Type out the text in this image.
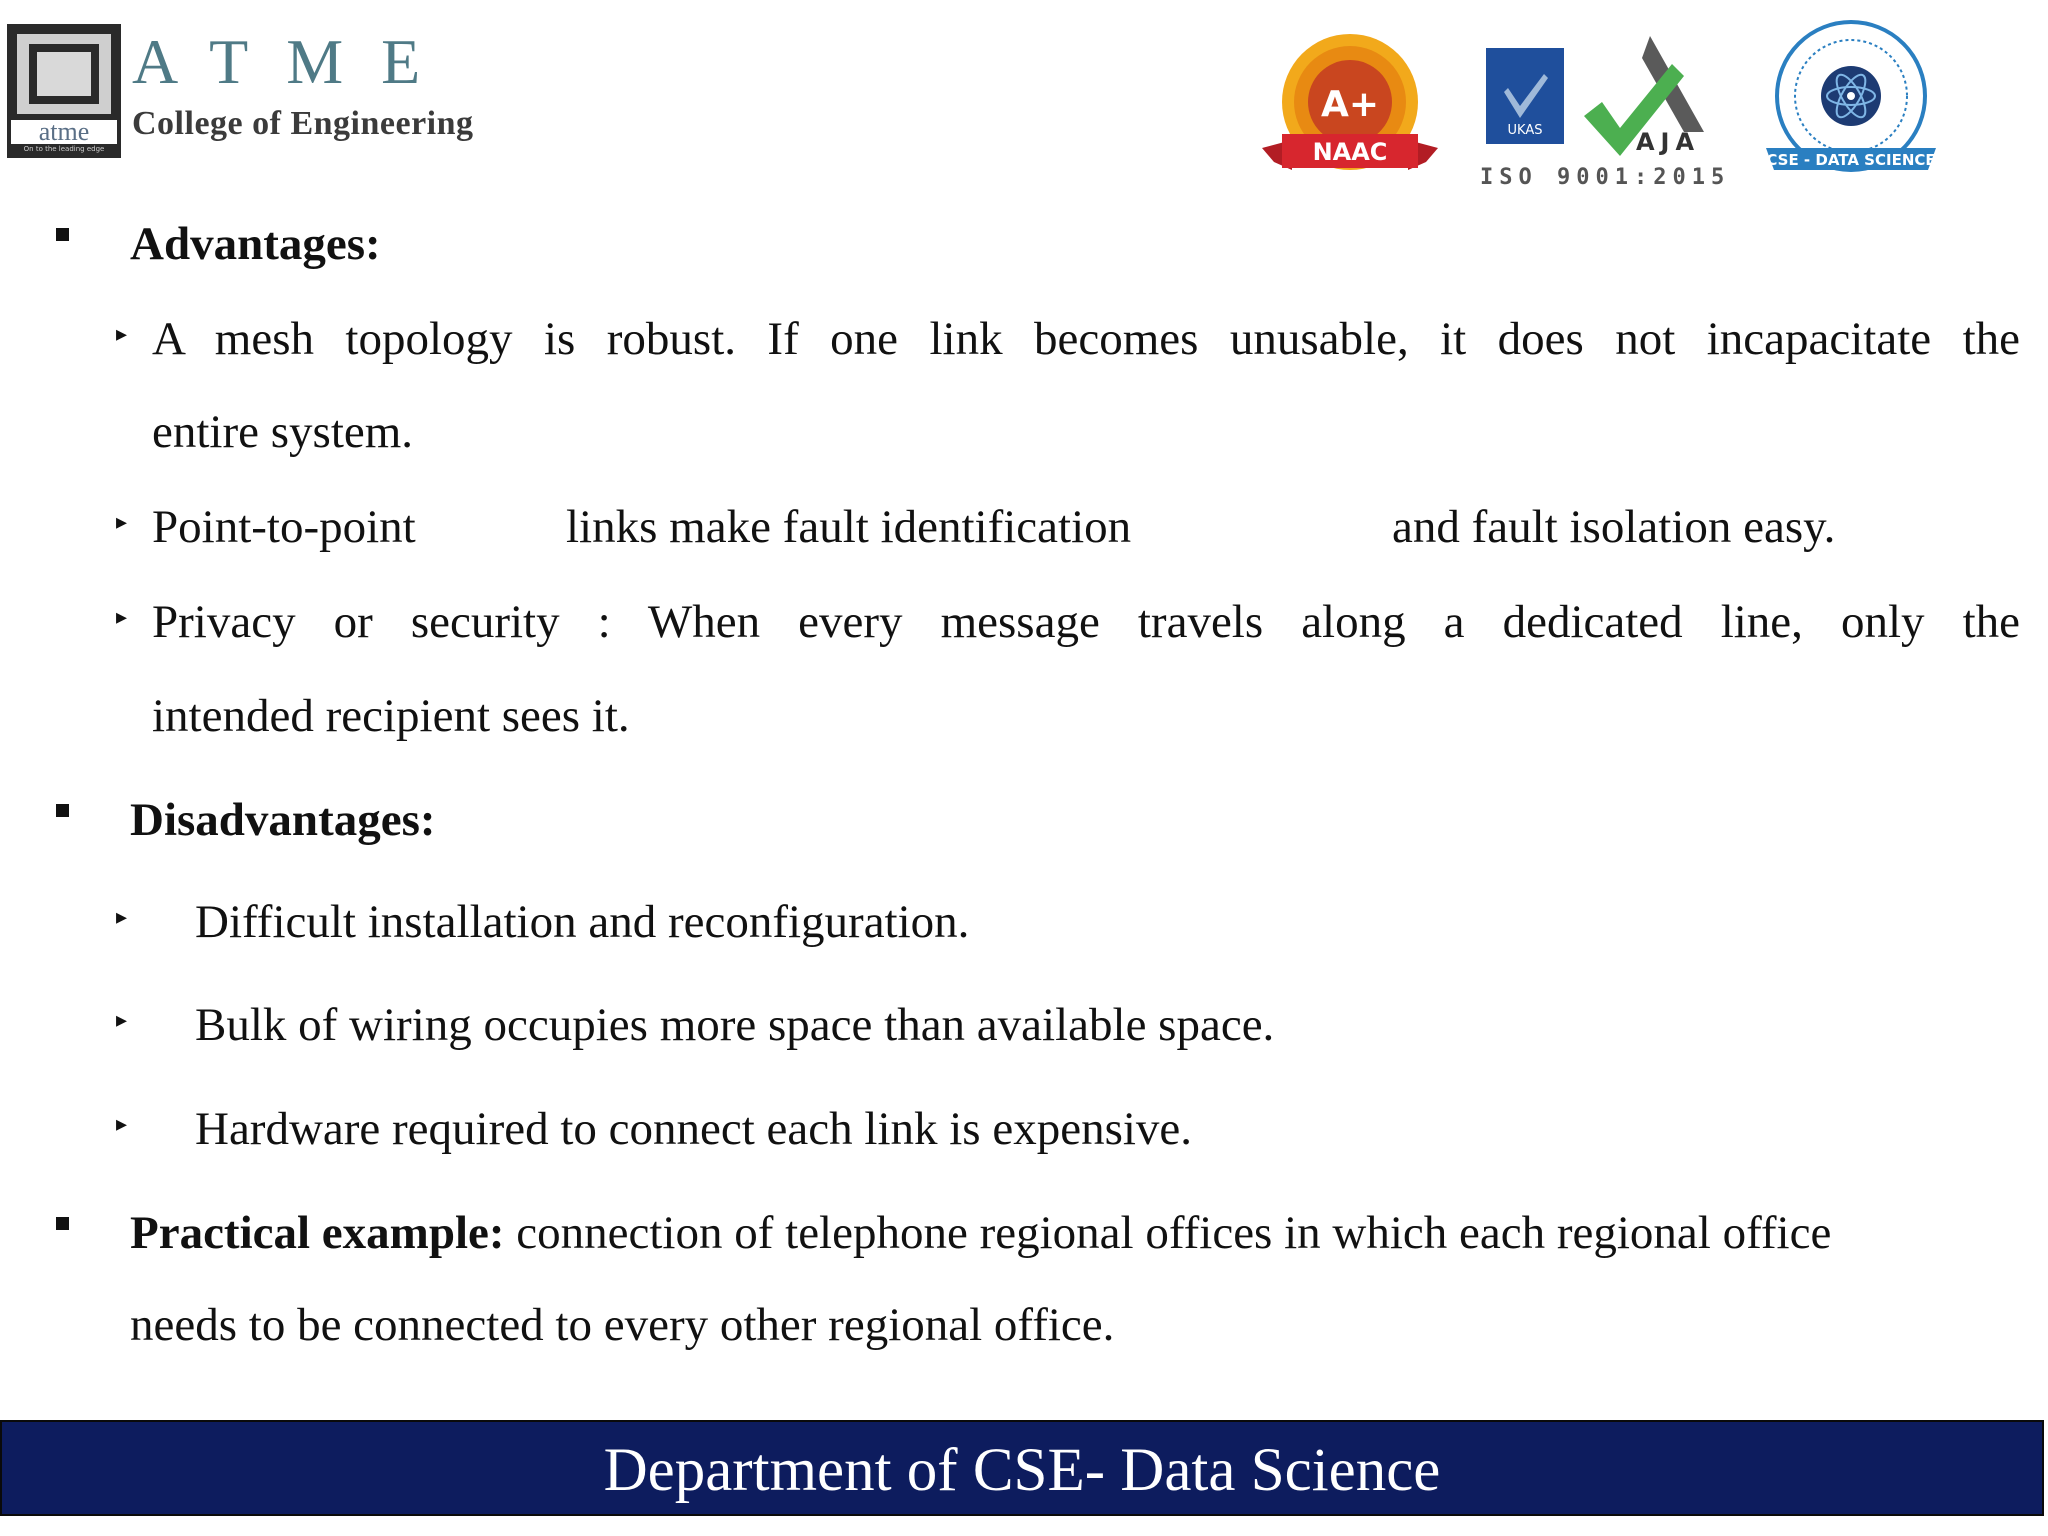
atme
On to the leading edge
ATME
College of Engineering	A+
NAAC
UKAS	AJA
ISO 9001:2015
CSE - DATA SCIENCE
Advantages:
▸ A mesh topology is robust. If one link becomes unusable, it does not incapacitate the
entire system.
▸ Point-to-point	links make fault identification	and fault isolation easy.
▸ Privacy or security : When every message travels along a dedicated line, only the
intended recipient sees it.
Disadvantages:
▸ Difficult installation and reconfiguration.
▸ Bulk of wiring occupies more space than available space.
▸ Hardware required to connect each link is expensive.
Practical example: connection of telephone regional offices in which each regional office
needs to be connected to every other regional office.
Department of CSE- Data Science
